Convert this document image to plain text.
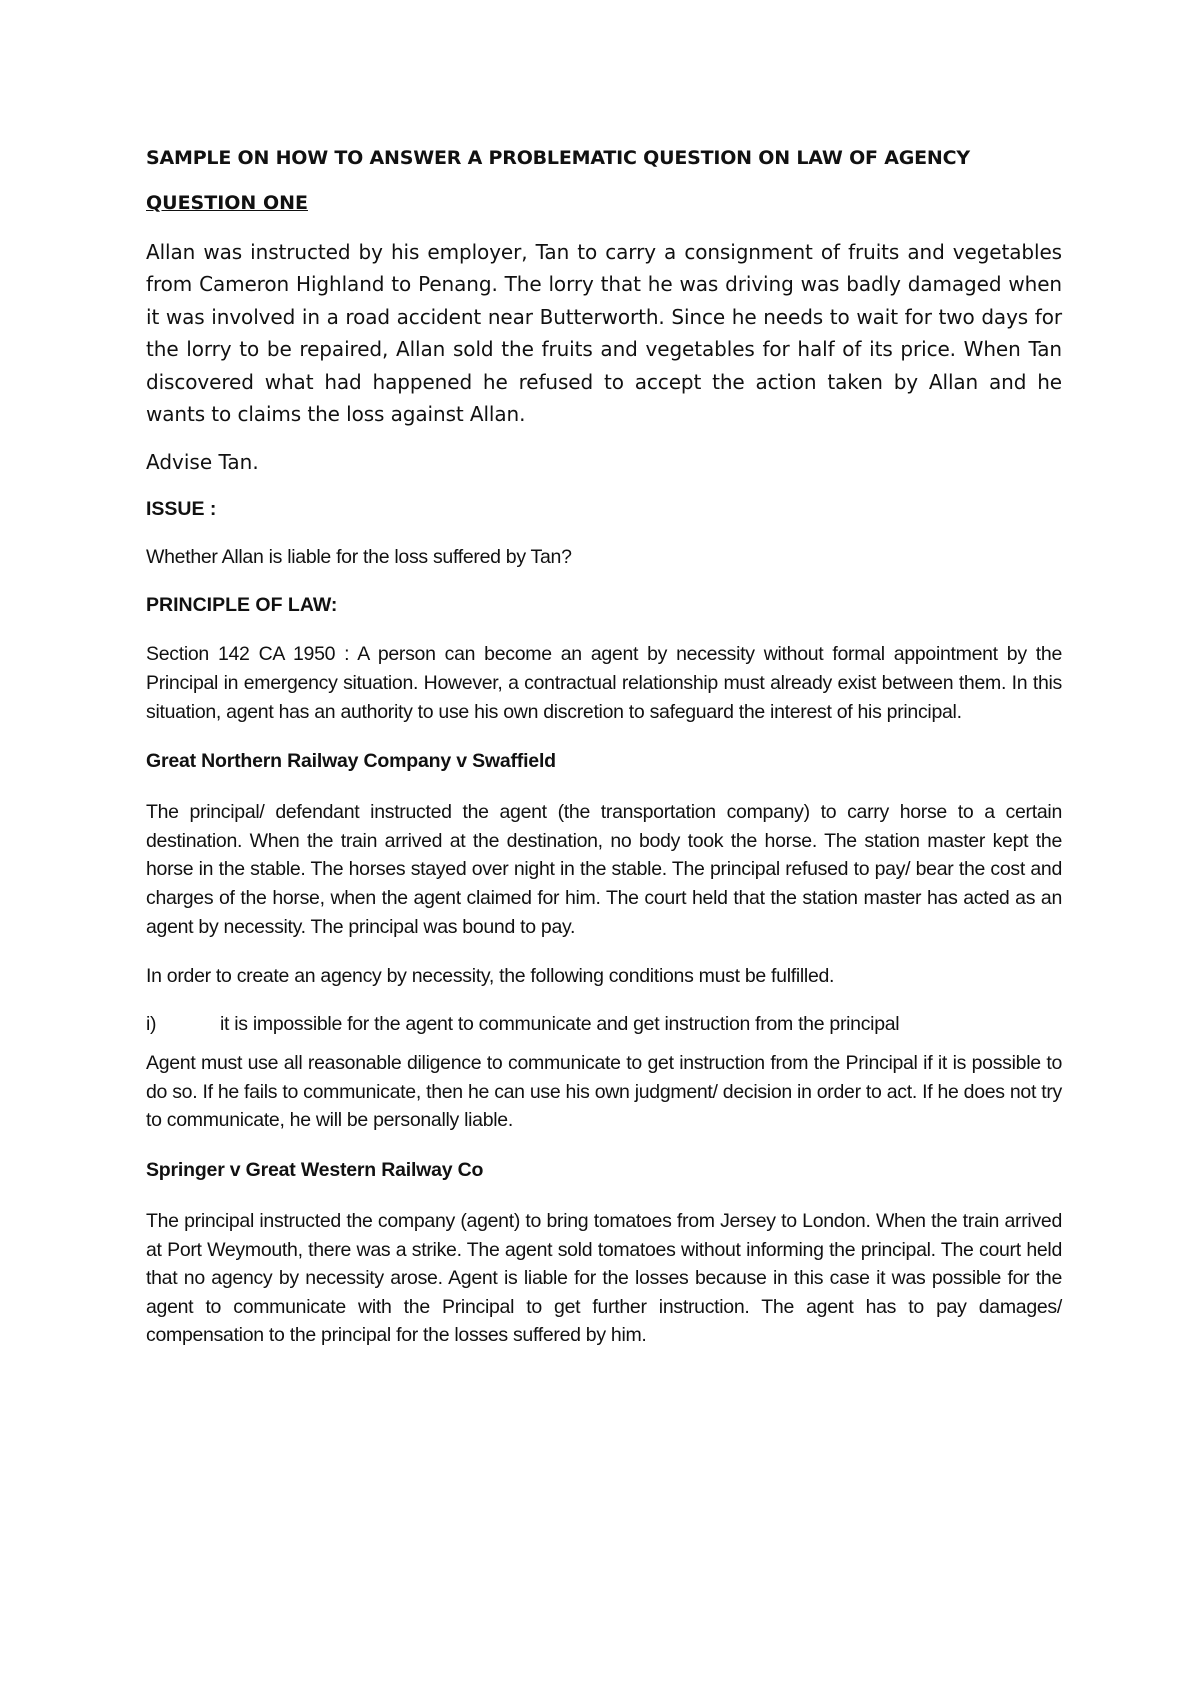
SAMPLE ON HOW TO ANSWER A PROBLEMATIC QUESTION ON LAW OF AGENCY
QUESTION ONE
Allan was instructed by his employer, Tan to carry a consignment of fruits and vegetables from Cameron Highland to Penang. The lorry that he was driving was badly damaged when it was involved in a road accident near Butterworth. Since he needs to wait for two days for the lorry to be repaired, Allan sold the fruits and vegetables for half of its price. When Tan discovered what had happened he refused to accept the action taken by Allan and he wants to claims the loss against Allan.
Advise Tan.
ISSUE :
Whether Allan is liable for the loss suffered by Tan?
PRINCIPLE OF LAW:
Section 142 CA 1950 : A person can become an agent by necessity without formal appointment by the Principal in emergency situation. However, a contractual relationship must already exist between them. In this situation, agent has an authority to use his own discretion to safeguard the interest of his principal.
Great Northern Railway Company v Swaffield
The principal/ defendant instructed the agent (the transportation company) to carry horse to a certain destination. When the train arrived at the destination, no body took the horse. The station master kept the horse in the stable. The horses stayed over night in the stable. The principal refused to pay/ bear the cost and charges of the horse, when the agent claimed for him. The court held that the station master has acted as an agent by necessity. The principal was bound to pay.
In order to create an agency by necessity, the following conditions must be fulfilled.
i)	it is impossible for the agent to communicate and get instruction from the principal
Agent must use all reasonable diligence to communicate to get instruction from the Principal if it is possible to do so. If he fails to communicate, then he can use his own judgment/ decision in order to act. If he does not try to communicate, he will be personally liable.
Springer v Great Western Railway Co
The principal instructed the company (agent) to bring tomatoes from Jersey to London. When the train arrived at Port Weymouth, there was a strike. The agent sold tomatoes without informing the principal. The court held that no agency by necessity arose. Agent is liable for the losses because in this case it was possible for the agent to communicate with the Principal to get further instruction. The agent has to pay damages/ compensation to the principal for the losses suffered by him.
